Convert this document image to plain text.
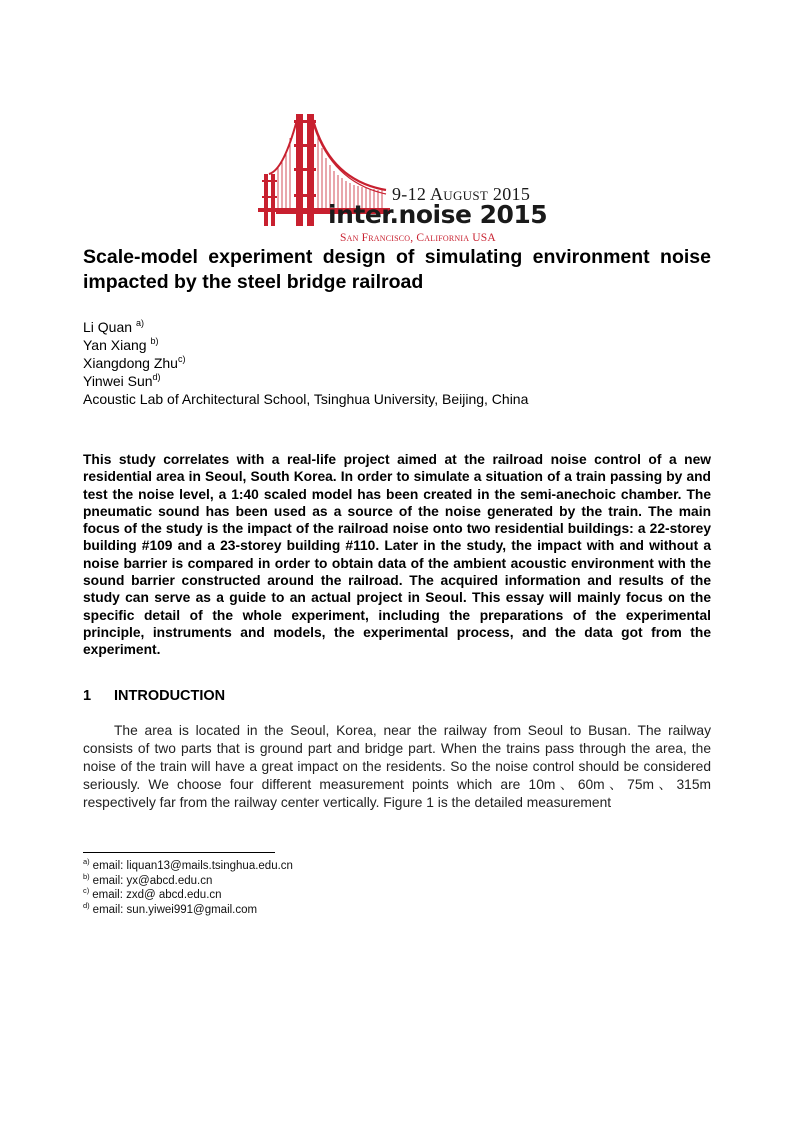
9-12 August 2015
inter.noise 2015
San Francisco, California USA
Scale-model experiment design of simulating environment noise impacted by the steel bridge railroad
Li Quan $^{a)}$
Yan Xiang $^{b)}$
Xiangdong Zhu$^{c)}$
Yinwei Sun$^{d)}$
Acoustic Lab of Architectural School, Tsinghua University, Beijing, China

This study correlates with a real-life project aimed at the railroad noise control of a new residential area in Seoul, South Korea. In order to simulate a situation of a train passing by and test the noise level, a 1:40 scaled model has been created in the semi-anechoic chamber. The pneumatic sound has been used as a source of the noise generated by the train. The main focus of the study is the impact of the railroad noise onto two residential buildings: a 22-storey building #109 and a 23-storey building #110. Later in the study, the impact with and without a noise barrier is compared in order to obtain data of the ambient acoustic environment with the sound barrier constructed around the railroad. The acquired information and results of the study can serve as a guide to an actual project in Seoul. This essay will mainly focus on the specific detail of the whole experiment, including the preparations of the experimental principle, instruments and models, the experimental process, and the data got from the experiment.

1 INTRODUCTION

The area is located in the Seoul, Korea, near the railway from Seoul to Busan. The railway consists of two parts that is ground part and bridge part. When the trains pass through the area, the noise of the train will have a great impact on the residents. So the noise control should be considered seriously. We choose four different measurement points which are 10m、60m、75m、315m respectively far from the railway center vertically. Figure 1 is the detailed measurement

$^{a)}$ email: liquan13@mails.tsinghua.edu.cn
$^{b)}$ email: yx@abcd.edu.cn
$^{c)}$ email: zxd@ abcd.edu.cn
$^{d)}$ email: sun.yiwei991@gmail.com
